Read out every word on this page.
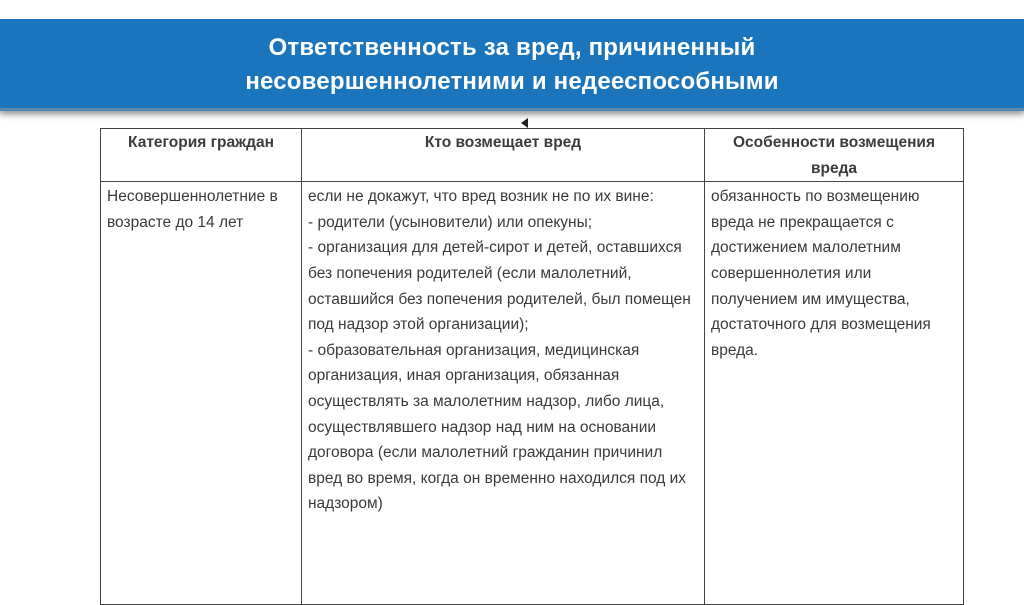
Ответственность за вред, причиненный
несовершеннолетними и недееспособными
Категория граждан	Кто возмещает вред	Особенности возмещения вреда
Несовершеннолетние в возрасте до 14 лет	если не докажут, что вред возник не по их вине:
- родители (усыновители) или опекуны;
- организация для детей-сирот и детей, оставшихся без попечения родителей (если малолетний, оставшийся без попечения родителей, был помещен под надзор этой организации);
- образовательная организация, медицинская организация, иная организация, обязанная осуществлять за малолетним надзор, либо лица, осуществлявшего надзор над ним на основании договора (если малолетний гражданин причинил вред во время, когда он временно находился под их надзором)	обязанность по возмещению вреда не прекращается с достижением малолетним совершеннолетия или получением им имущества, достаточного для возмещения вреда.
